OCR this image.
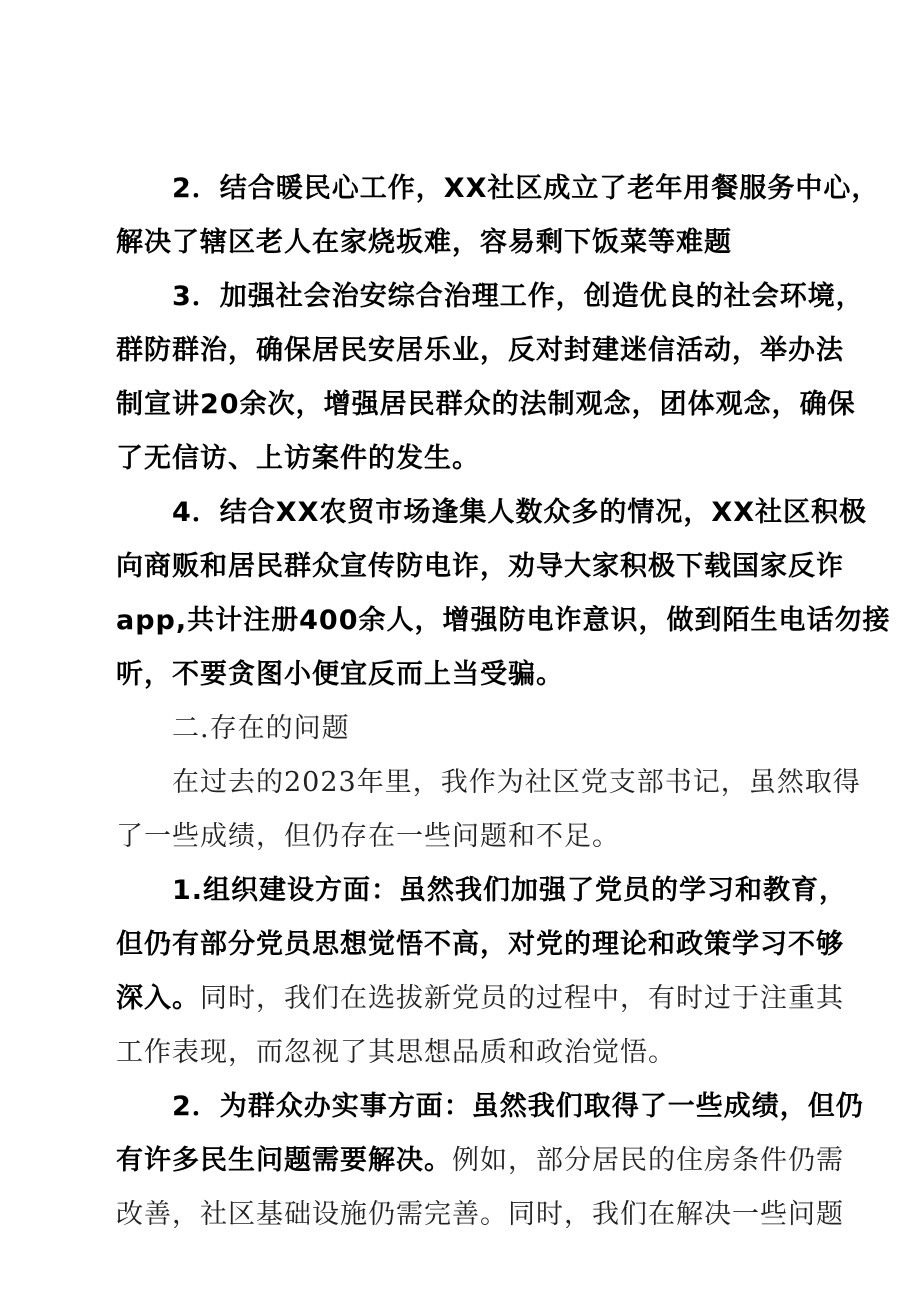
2．结合暖民心工作，XX社区成立了老年用餐服务中心，
解决了辖区老人在家烧坂难，容易剩下饭菜等难题
3．加强社会治安综合治理工作，创造优良的社会环境，
群防群治，确保居民安居乐业，反对封建迷信活动，举办法
制宣讲20余次，增强居民群众的法制观念，团体观念，确保
了无信访、上访案件的发生。
4．结合XX农贸市场逢集人数众多的情况，XX社区积极
向商贩和居民群众宣传防电诈，劝导大家积极下载国家反诈
app,共计注册400余人，增强防电诈意识，做到陌生电话勿接
听，不要贪图小便宜反而上当受骗。
二.存在的问题
在过去的2023年里，我作为社区党支部书记，虽然取得
了一些成绩，但仍存在一些问题和不足。
1.组织建设方面：虽然我们加强了党员的学习和教育，
但仍有部分党员思想觉悟不高，对党的理论和政策学习不够
深入。同时，我们在选拔新党员的过程中，有时过于注重其
工作表现，而忽视了其思想品质和政治觉悟。
2．为群众办实事方面：虽然我们取得了一些成绩，但仍
有许多民生问题需要解决。例如，部分居民的住房条件仍需
改善，社区基础设施仍需完善。同时，我们在解决一些问题
